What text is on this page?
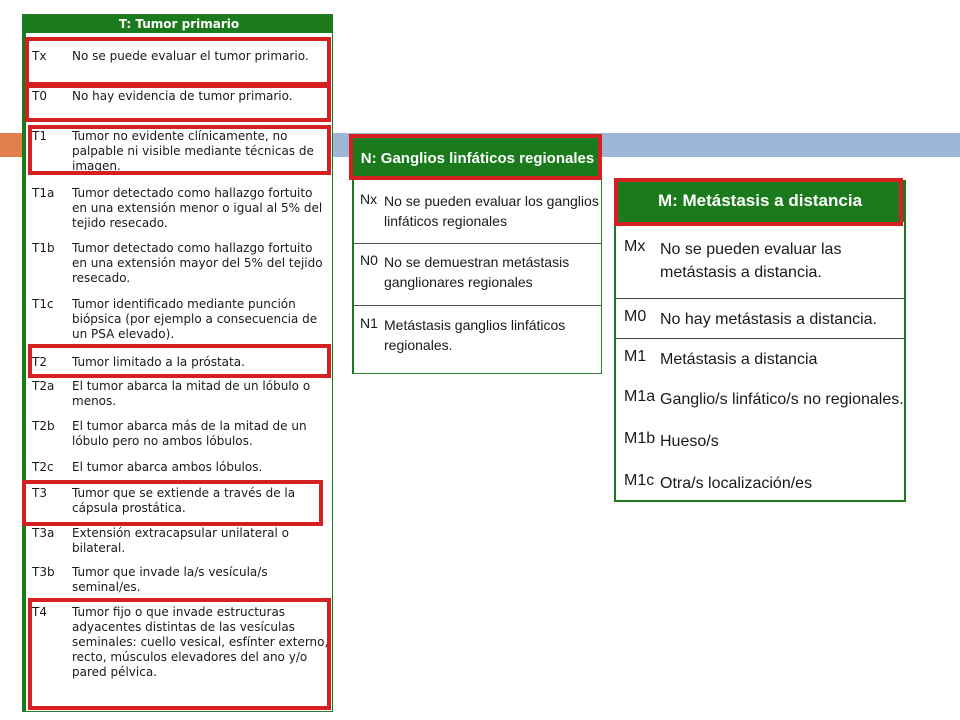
T: Tumor primario
Tx No se puede evaluar el tumor primario.
T0 No hay evidencia de tumor primario.
T1 Tumor no evidente clínicamente, no palpable ni visible mediante técnicas de imagen.
T1a Tumor detectado como hallazgo fortuito en una extensión menor o igual al 5% del tejido resecado.
T1b Tumor detectado como hallazgo fortuito en una extensión mayor del 5% del tejido resecado.
T1c Tumor identificado mediante punción biópsica (por ejemplo a consecuencia de un PSA elevado).
T2 Tumor limitado a la próstata.
T2a El tumor abarca la mitad de un lóbulo o menos.
T2b El tumor abarca más de la mitad de un lóbulo pero no ambos lóbulos.
T2c El tumor abarca ambos lóbulos.
T3 Tumor que se extiende a través de la cápsula prostática.
T3a Extensión extracapsular unilateral o bilateral.
T3b Tumor que invade la/s vesícula/s seminal/es.
T4 Tumor fijo o que invade estructuras adyacentes distintas de las vesículas seminales: cuello vesical, esfínter externo, recto, músculos elevadores del ano y/o pared pélvica.
N: Ganglios linfáticos regionales
Nx No se pueden evaluar los ganglios linfáticos regionales
N0 No se demuestran metástasis ganglionares regionales
N1 Metástasis ganglios linfáticos regionales.
M: Metástasis a distancia
Mx No se pueden evaluar las metástasis a distancia.
M0 No hay metástasis a distancia.
M1 Metástasis a distancia
M1a Ganglio/s linfático/s no regionales.
M1b Hueso/s
M1c Otra/s localización/es
